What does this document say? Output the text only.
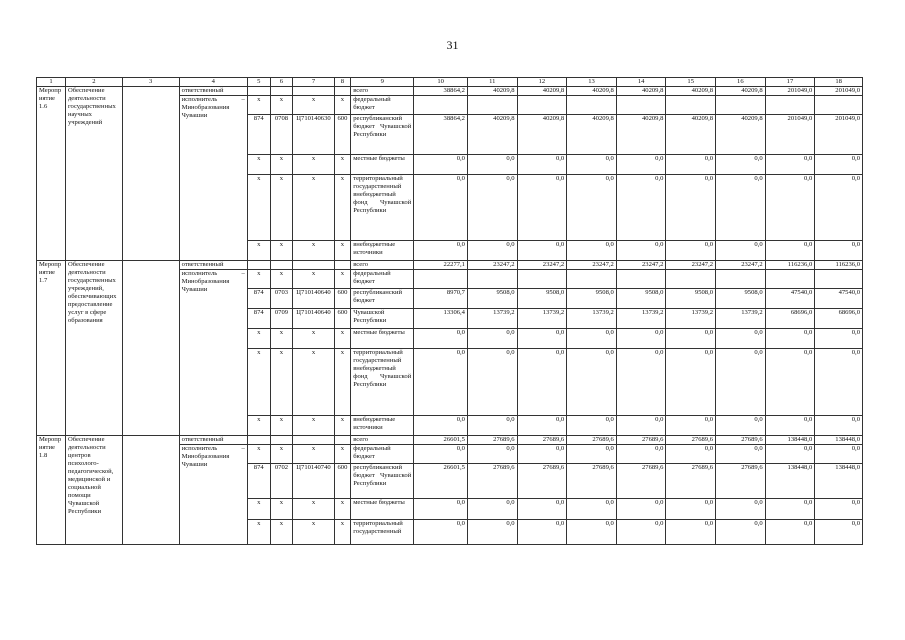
31
1	2	3	4	5	6	7	8	9	10	11	12	13	14	15	16	17	18
Мероприятие 1.6	Обеспечение деятельности государственных научных учреждений		ответственный					всего	38864,2	40209,8	40209,8	40209,8	40209,8	40209,8	40209,8	201049,0	201049,0
			исполнитель – Минобразования Чувашии	x	x	x	x	федеральный бюджет									
				874	0708	Ц710140630	600	республиканский бюджет Чувашской Республики	38864,2	40209,8	40209,8	40209,8	40209,8	40209,8	40209,8	201049,0	201049,0
				x	x	x	x	местные бюджеты	0,0	0,0	0,0	0,0	0,0	0,0	0,0	0,0	0,0
				x	x	x	x	территориальный государственный внебюджетный фонд Чувашской Республики	0,0	0,0	0,0	0,0	0,0	0,0	0,0	0,0	0,0
				x	x	x	x	внебюджетные источники	0,0	0,0	0,0	0,0	0,0	0,0	0,0	0,0	0,0
Мероприятие 1.7	Обеспечение деятельности государственных учреждений, обеспечивающих предоставление услуг в сфере образования		ответственный					всего	22277,1	23247,2	23247,2	23247,2	23247,2	23247,2	23247,2	116236,0	116236,0
			исполнитель – Минобразования Чувашии	x	x	x	x	федеральный бюджет									
				874	0703	Ц710140640	600	республиканский бюджет	8970,7	9508,0	9508,0	9508,0	9508,0	9508,0	9508,0	47540,0	47540,0
				874	0709	Ц710140640	600	Чувашской Республики	13306,4	13739,2	13739,2	13739,2	13739,2	13739,2	13739,2	68696,0	68696,0
				x	x	x	x	местные бюджеты	0,0	0,0	0,0	0,0	0,0	0,0	0,0	0,0	0,0
				x	x	x	x	территориальный государственный внебюджетный фонд Чувашской Республики	0,0	0,0	0,0	0,0	0,0	0,0	0,0	0,0	0,0
				x	x	x	x	внебюджетные источники	0,0	0,0	0,0	0,0	0,0	0,0	0,0	0,0	0,0
Мероприятие 1.8	Обеспечение деятельности центров психолого-педагогической, медицинской и социальной помощи Чувашской Республики		ответственный					всего	26601,5	27689,6	27689,6	27689,6	27689,6	27689,6	27689,6	138448,0	138448,0
			исполнитель – Минобразования Чувашии	x	x	x	x	федеральный бюджет	0,0	0,0	0,0	0,0	0,0	0,0	0,0	0,0	0,0
				874	0702	Ц710140740	600	республиканский бюджет Чувашской Республики	26601,5	27689,6	27689,6	27689,6	27689,6	27689,6	27689,6	138448,0	138448,0
				x	x	x	x	местные бюджеты	0,0	0,0	0,0	0,0	0,0	0,0	0,0	0,0	0,0
				x	x	x	x	территориальный государственный	0,0	0,0	0,0	0,0	0,0	0,0	0,0	0,0	0,0
